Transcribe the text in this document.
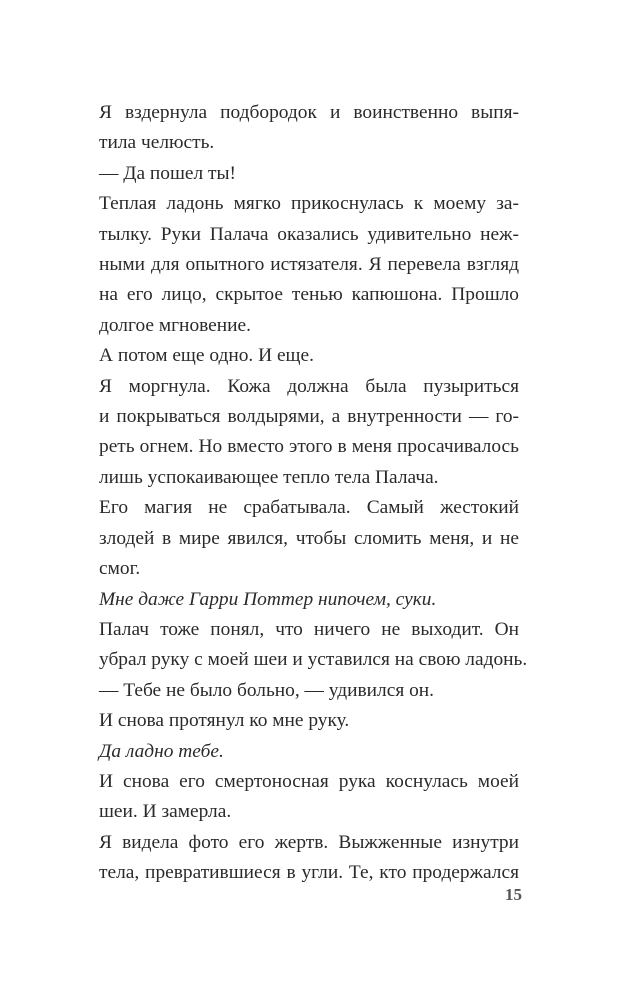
Я вздернула подбородок и воинственно выпя-
тила челюсть.
— Да пошел ты!
Теплая ладонь мягко прикоснулась к моему за-
тылку. Руки Палача оказались удивительно неж-
ными для опытного истязателя. Я перевела взгляд
на его лицо, скрытое тенью капюшона. Прошло
долгое мгновение.
А потом еще одно. И еще.
Я моргнула. Кожа должна была пузыриться
и покрываться волдырями, а внутренности — го-
реть огнем. Но вместо этого в меня просачивалось
лишь успокаивающее тепло тела Палача.
Его магия не срабатывала. Самый жестокий
злодей в мире явился, чтобы сломить меня, и не
смог.
Мне даже Гарри Поттер нипочем, суки.
Палач тоже понял, что ничего не выходит. Он
убрал руку с моей шеи и уставился на свою ладонь.
— Тебе не было больно, — удивился он.
И снова протянул ко мне руку.
Да ладно тебе.
И снова его смертоносная рука коснулась моей
шеи. И замерла.
Я видела фото его жертв. Выжженные изнутри
тела, превратившиеся в угли. Те, кто продержался
15
